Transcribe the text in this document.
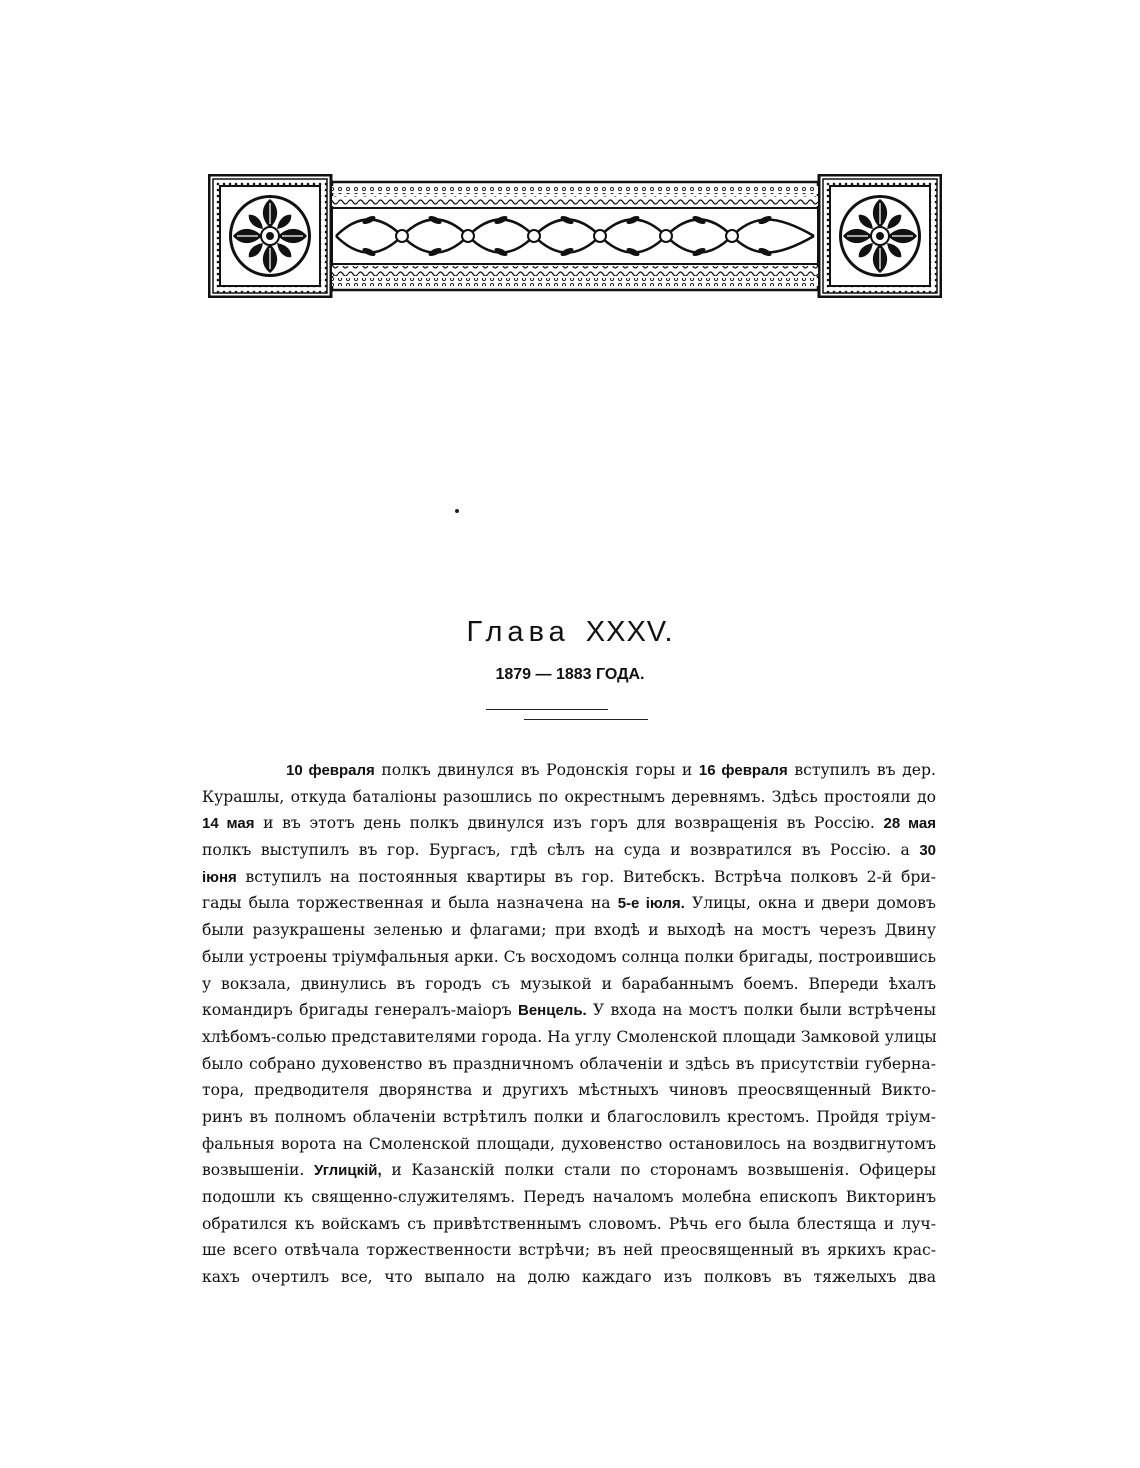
Глава XXXV.

1879 — 1883 ГОДА.

10 февраля полкъ двинулся въ Родонскія горы и 16 февраля вступилъ въ дер.
Курашлы, откуда баталіоны разошлись по окрестнымъ деревнямъ. Здѣсь простояли до
14 мая и въ этотъ день полкъ двинулся изъ горъ для возвращенія въ Россію. 28 мая
полкъ выступилъ въ гор. Бургасъ, гдѣ сѣлъ на суда и возвратился въ Россію. а 30
іюня вступилъ на постоянныя квартиры въ гор. Витебскъ. Встрѣча полковъ 2-й бри-
гады была торжественная и была назначена на 5-е іюля. Улицы, окна и двери домовъ
были разукрашены зеленью и флагами; при входѣ и выходѣ на мостъ черезъ Двину
были устроены тріумфальныя арки. Съ восходомъ солнца полки бригады, построившись
у вокзала, двинулись въ городъ съ музыкой и барабаннымъ боемъ. Впереди ѣхалъ
командиръ бригады генералъ-маіоръ Венцель. У входа на мостъ полки были встрѣчены
хлѣбомъ-солью представителями города. На углу Смоленской площади Замковой улицы
было собрано духовенство въ праздничномъ облаченіи и здѣсь въ присутствіи губерна-
тора, предводителя дворянства и другихъ мѣстныхъ чиновъ преосвященный Викто-
ринъ въ полномъ облаченіи встрѣтилъ полки и благословилъ крестомъ. Пройдя тріум-
фальныя ворота на Смоленской площади, духовенство остановилось на воздвигнутомъ
возвышеніи. Углицкій, и Казанскій полки стали по сторонамъ возвышенія. Офицеры
подошли къ священно-служителямъ. Передъ началомъ молебна епископъ Викторинъ
обратился къ войскамъ съ привѣтственнымъ словомъ. Рѣчь его была блестяща и луч-
ше всего отвѣчала торжественности встрѣчи; въ ней преосвященный въ яркихъ крас-
кахъ очертилъ все, что выпало на долю каждаго изъ полковъ въ тяжелыхъ два
